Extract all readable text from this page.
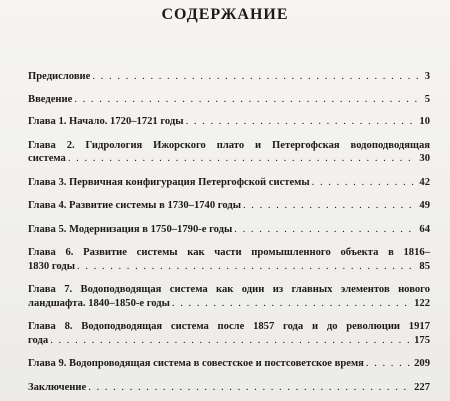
СОДЕРЖАНИЕ
Предисловие . . .	3
Введение . . .	5
Глава 1. Начало. 1720–1721 годы . . .	10
Глава 2. Гидрология Ижорского плато и Петергофская водоподводящая
система . . .	30
Глава 3. Первичная конфигурация Петергофской системы . . .	42
Глава 4. Развитие системы в 1730–1740 годы . . .	49
Глава 5. Модернизация в 1750–1790-е годы . . .	64
Глава 6. Развитие системы как части промышленного объекта в 1816–
1830 годы . . .	85
Глава 7. Водоподводящая система как один из главных элементов нового
ландшафта. 1840–1850-е годы . . .	122
Глава 8. Водоподводящая система после 1857 года и до революции 1917
года . . .	175
Глава 9. Водопроводящая система в совестское и постсоветское время . . .	209
Заключение . . .	227
